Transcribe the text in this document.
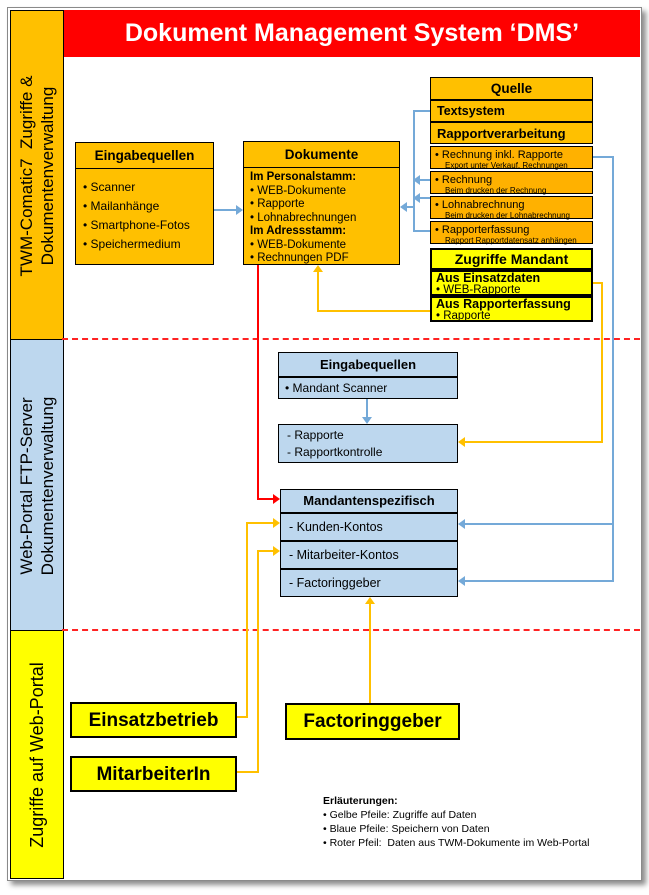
Dokument Management System ‘DMS’
TWM-Comatic7  Zugriffe & Dokumentenverwaltung
Web-Portal FTP-Server Dokumentenverwaltung
Zugriffe auf Web-Portal
Eingabequellen
• Scanner
• Mailanhänge
• Smartphone-Fotos
• Speichermedium
Dokumente
Im Personalstamm:
• WEB-Dokumente
• Rapporte
• Lohnabrechnungen
Im Adressstamm:
• WEB-Dokumente
• Rechnungen PDF
Quelle
Textsystem
Rapportverarbeitung
• Rechnung inkl. Rapporte
Export unter Verkauf, Rechnungen
• Rechnung
Beim drucken der Rechnung
• Lohnabrechnung
Beim drucken der Lohnabrechnung
• Rapporterfassung
Rapport Rapportdatensatz anhängen
Zugriffe Mandant
Aus Einsatzdaten
• WEB-Rapporte
Aus Rapporterfassung
• Rapporte
Eingabequellen
• Mandant Scanner
- Rapporte
- Rapportkontrolle
Mandantenspezifisch
- Kunden-Kontos
- Mitarbeiter-Kontos
- Factoringgeber
Einsatzbetrieb
MitarbeiterIn
Factoringgeber
Erläuterungen:
• Gelbe Pfeile: Zugriffe auf Daten
• Blaue Pfeile: Speichern von Daten
• Roter Pfeil:  Daten aus TWM-Dokumente im Web-Portal
